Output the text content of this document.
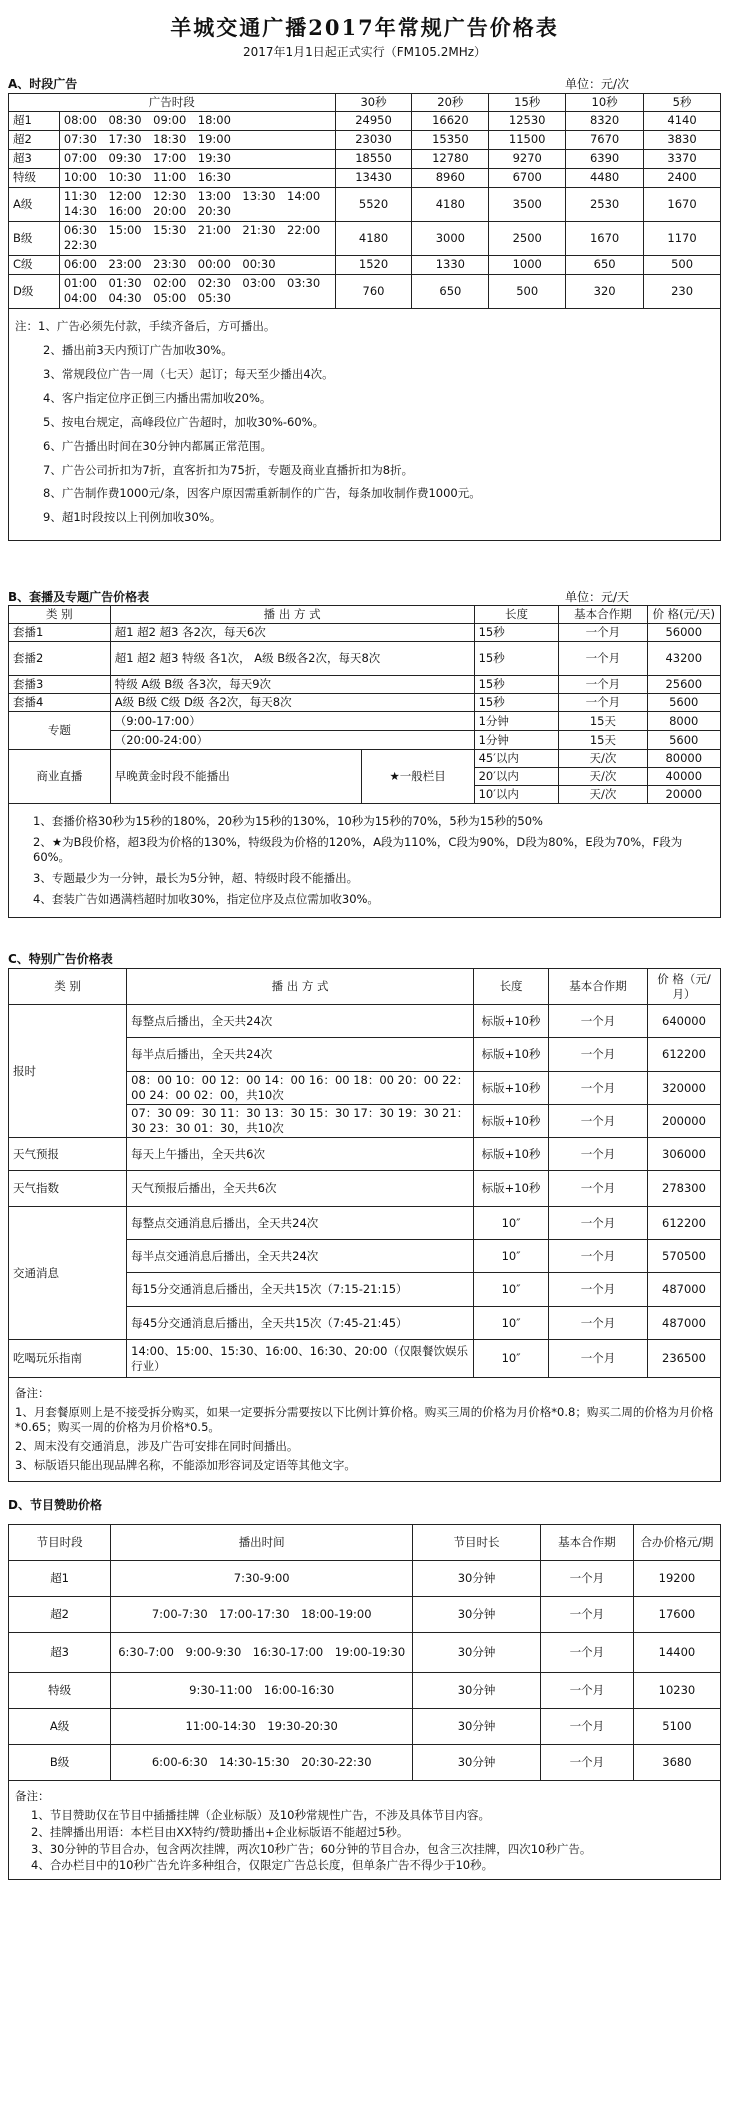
羊城交通广播2017年常规广告价格表
2017年1月1日起正式实行（FM105.2MHz）
A、时段广告	单位：元/次
广告时段		30秒	20秒	15秒	10秒	5秒
超1	08:00　08:30　09:00　18:00	24950	16620	12530	8320	4140
超2	07:30　17:30　18:30　19:00	23030	15350	11500	7670	3830
超3	07:00　09:30　17:00　19:30	18550	12780	9270	6390	3370
特级	10:00　10:30　11:00　16:30	13430	8960	6700	4480	2400
A级	11:30　12:00　12:30　13:00　13:30　14:00　14:30　16:00　20:00　20:30	5520	4180	3500	2530	1670
B级	06:30　15:00　15:30　21:00　21:30　22:00　22:30	4180	3000	2500	1670	1170
C级	06:00　23:00　23:30　00:00　00:30	1520	1330	1000	650	500
D级	01:00　01:30　02:00　02:30　03:00　03:30　04:00　04:30　05:00　05:30	760	650	500	320	230
注：1、广告必须先付款，手续齐备后，方可播出。
2、播出前3天内预订广告加收30%。
3、常规段位广告一周（七天）起订；每天至少播出4次。
4、客户指定位序正倒三内播出需加收20%。
5、按电台规定，高峰段位广告超时，加收30%-60%。
6、广告播出时间在30分钟内都属正常范围。
7、广告公司折扣为7折，直客折扣为75折，专题及商业直播折扣为8折。
8、广告制作费1000元/条，因客户原因需重新制作的广告，每条加收制作费1000元。
9、超1时段按以上刊例加收30%。
B、套播及专题广告价格表	单位：元/天
类 别	播 出 方 式		长度	基本合作期	价 格(元/天)
套播1	超1 超2 超3 各2次，每天6次		15秒	一个月	56000
套播2	超1 超2 超3 特级 各1次， A级 B级各2次，每天8次		15秒	一个月	43200
套播3	特级 A级 B级 各3次，每天9次		15秒	一个月	25600
套播4	A级 B级 C级 D级 各2次，每天8次		15秒	一个月	5600
专题	（9:00-17:00）		1分钟	15天	8000
	（20:00-24:00）		1分钟	15天	5600
商业直播	早晚黄金时段不能播出	★一般栏目	45′以内	天/次	80000
			20′以内	天/次	40000
			10′以内	天/次	20000
1、套播价格30秒为15秒的180%，20秒为15秒的130%，10秒为15秒的70%，5秒为15秒的50%
2、★为B段价格，超3段为价格的130%，特级段为价格的120%，A段为110%，C段为90%，D段为80%，E段为70%，F段为60%。
3、专题最少为一分钟，最长为5分钟，超、特级时段不能播出。
4、套装广告如遇满档超时加收30%，指定位序及点位需加收30%。
C、特别广告价格表
类 别	播 出 方 式	长度	基本合作期	价 格（元/月）
报时	每整点后播出，全天共24次	标版+10秒	一个月	640000
	每半点后播出，全天共24次	标版+10秒	一个月	612200
	08：00 10：00 12：00 14：00 16：00 18：00 20：00 22：00 24：00 02：00，共10次	标版+10秒	一个月	320000
	07：30 09：30 11：30 13：30 15：30 17：30 19：30 21：30 23：30 01：30，共10次	标版+10秒	一个月	200000
天气预报	每天上午播出，全天共6次	标版+10秒	一个月	306000
天气指数	天气预报后播出，全天共6次	标版+10秒	一个月	278300
交通消息	每整点交通消息后播出，全天共24次	10″	一个月	612200
	每半点交通消息后播出，全天共24次	10″	一个月	570500
	每15分交通消息后播出，全天共15次（7:15-21:15）	10″	一个月	487000
	每45分交通消息后播出，全天共15次（7:45-21:45）	10″	一个月	487000
吃喝玩乐指南	14:00、15:00、15:30、16:00、16:30、20:00（仅限餐饮娱乐行业）	10″	一个月	236500
备注：
1、月套餐原则上是不接受拆分购买，如果一定要拆分需要按以下比例计算价格。购买三周的价格为月价格*0.8；购买二周的价格为月价格*0.65；购买一周的价格为月价格*0.5。
2、周末没有交通消息，涉及广告可安排在同时间播出。
3、标版语只能出现品牌名称，不能添加形容词及定语等其他文字。
D、节目赞助价格
节目时段	播出时间	节目时长	基本合作期	合办价格元/期
超1	7:30-9:00	30分钟	一个月	19200
超2	7:00-7:30　17:00-17:30　18:00-19:00	30分钟	一个月	17600
超3	6:30-7:00　9:00-9:30　16:30-17:00　19:00-19:30	30分钟	一个月	14400
特级	9:30-11:00　16:00-16:30	30分钟	一个月	10230
A级	11:00-14:30　19:30-20:30	30分钟	一个月	5100
B级	6:00-6:30　14:30-15:30　20:30-22:30	30分钟	一个月	3680
备注：
1、节目赞助仅在节目中插播挂牌（企业标版）及10秒常规性广告，不涉及具体节目内容。
2、挂牌播出用语：本栏目由XX特约/赞助播出+企业标版语不能超过5秒。
3、30分钟的节目合办，包含两次挂牌，两次10秒广告；60分钟的节目合办，包含三次挂牌，四次10秒广告。
4、合办栏目中的10秒广告允许多种组合，仅限定广告总长度，但单条广告不得少于10秒。
